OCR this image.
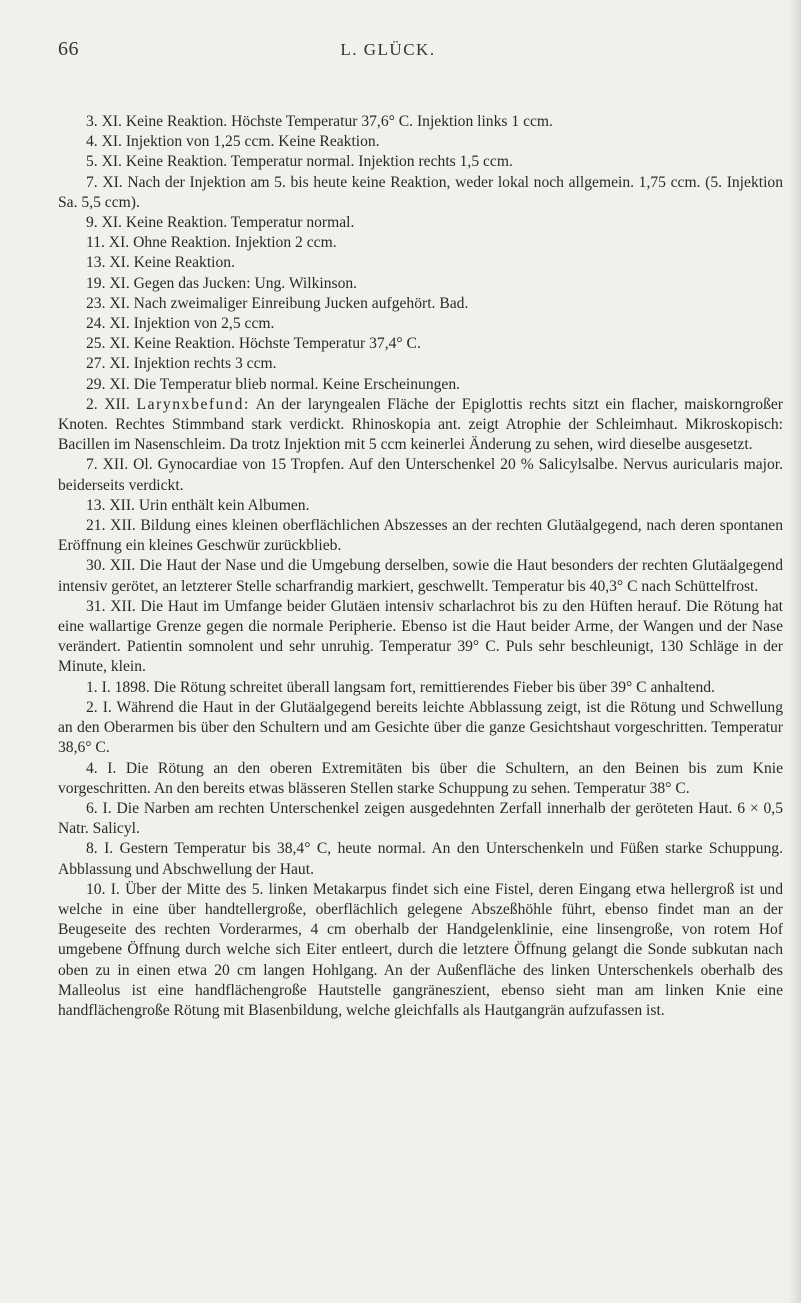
66	L. GLÜCK.

3. XI. Keine Reaktion. Höchste Temperatur 37,6° C. Injektion links 1 ccm.

4. XI. Injektion von 1,25 ccm. Keine Reaktion.

5. XI. Keine Reaktion. Temperatur normal. Injektion rechts 1,5 ccm.

7. XI. Nach der Injektion am 5. bis heute keine Reaktion, weder lokal noch allgemein. 1,75 ccm. (5. Injektion Sa. 5,5 ccm).

9. XI. Keine Reaktion. Temperatur normal.

11. XI. Ohne Reaktion. Injektion 2 ccm.

13. XI. Keine Reaktion.

19. XI. Gegen das Jucken: Ung. Wilkinson.

23. XI. Nach zweimaliger Einreibung Jucken aufgehört. Bad.

24. XI. Injektion von 2,5 ccm.

25. XI. Keine Reaktion. Höchste Temperatur 37,4° C.

27. XI. Injektion rechts 3 ccm.

29. XI. Die Temperatur blieb normal. Keine Erscheinungen.

2. XII. Larynxbefund: An der laryngealen Fläche der Epiglottis rechts sitzt ein flacher, maiskorngroßer Knoten. Rechtes Stimmband stark verdickt. Rhinoskopia ant. zeigt Atrophie der Schleimhaut. Mikroskopisch: Bacillen im Nasenschleim. Da trotz Injektion mit 5 ccm keinerlei Änderung zu sehen, wird dieselbe ausgesetzt.

7. XII. Ol. Gynocardiae von 15 Tropfen. Auf den Unterschenkel 20 % Salicylsalbe. Nervus auricularis major. beiderseits verdickt.

13. XII. Urin enthält kein Albumen.

21. XII. Bildung eines kleinen oberflächlichen Abszesses an der rechten Glutäalgegend, nach deren spontanen Eröffnung ein kleines Geschwür zurückblieb.

30. XII. Die Haut der Nase und die Umgebung derselben, sowie die Haut besonders der rechten Glutäalgegend intensiv gerötet, an letzterer Stelle scharfrandig markiert, geschwellt. Temperatur bis 40,3° C nach Schüttelfrost.

31. XII. Die Haut im Umfange beider Glutäen intensiv scharlachrot bis zu den Hüften herauf. Die Rötung hat eine wallartige Grenze gegen die normale Peripherie. Ebenso ist die Haut beider Arme, der Wangen und der Nase verändert. Patientin somnolent und sehr unruhig. Temperatur 39° C. Puls sehr beschleunigt, 130 Schläge in der Minute, klein.

1. I. 1898. Die Rötung schreitet überall langsam fort, remittierendes Fieber bis über 39° C anhaltend.

2. I. Während die Haut in der Glutäalgegend bereits leichte Abblassung zeigt, ist die Rötung und Schwellung an den Oberarmen bis über den Schultern und am Gesichte über die ganze Gesichtshaut vorgeschritten. Temperatur 38,6° C.

4. I. Die Rötung an den oberen Extremitäten bis über die Schultern, an den Beinen bis zum Knie vorgeschritten. An den bereits etwas blässeren Stellen starke Schuppung zu sehen. Temperatur 38° C.

6. I. Die Narben am rechten Unterschenkel zeigen ausgedehnten Zerfall innerhalb der geröteten Haut. 6 × 0,5 Natr. Salicyl.

8. I. Gestern Temperatur bis 38,4° C, heute normal. An den Unterschenkeln und Füßen starke Schuppung. Abblassung und Abschwellung der Haut.

10. I. Über der Mitte des 5. linken Metakarpus findet sich eine Fistel, deren Eingang etwa hellergroß ist und welche in eine über handtellergroße, oberflächlich gelegene Abszeßhöhle führt, ebenso findet man an der Beugeseite des rechten Vorderarmes, 4 cm oberhalb der Handgelenklinie, eine linsengroße, von rotem Hof umgebene Öffnung durch welche sich Eiter entleert, durch die letztere Öffnung gelangt die Sonde subkutan nach oben zu in einen etwa 20 cm langen Hohlgang. An der Außenfläche des linken Unterschenkels oberhalb des Malleolus ist eine handflächengroße Hautstelle gangräneszient, ebenso sieht man am linken Knie eine handflächengroße Rötung mit Blasenbildung, welche gleichfalls als Hautgangrän aufzufassen ist.
